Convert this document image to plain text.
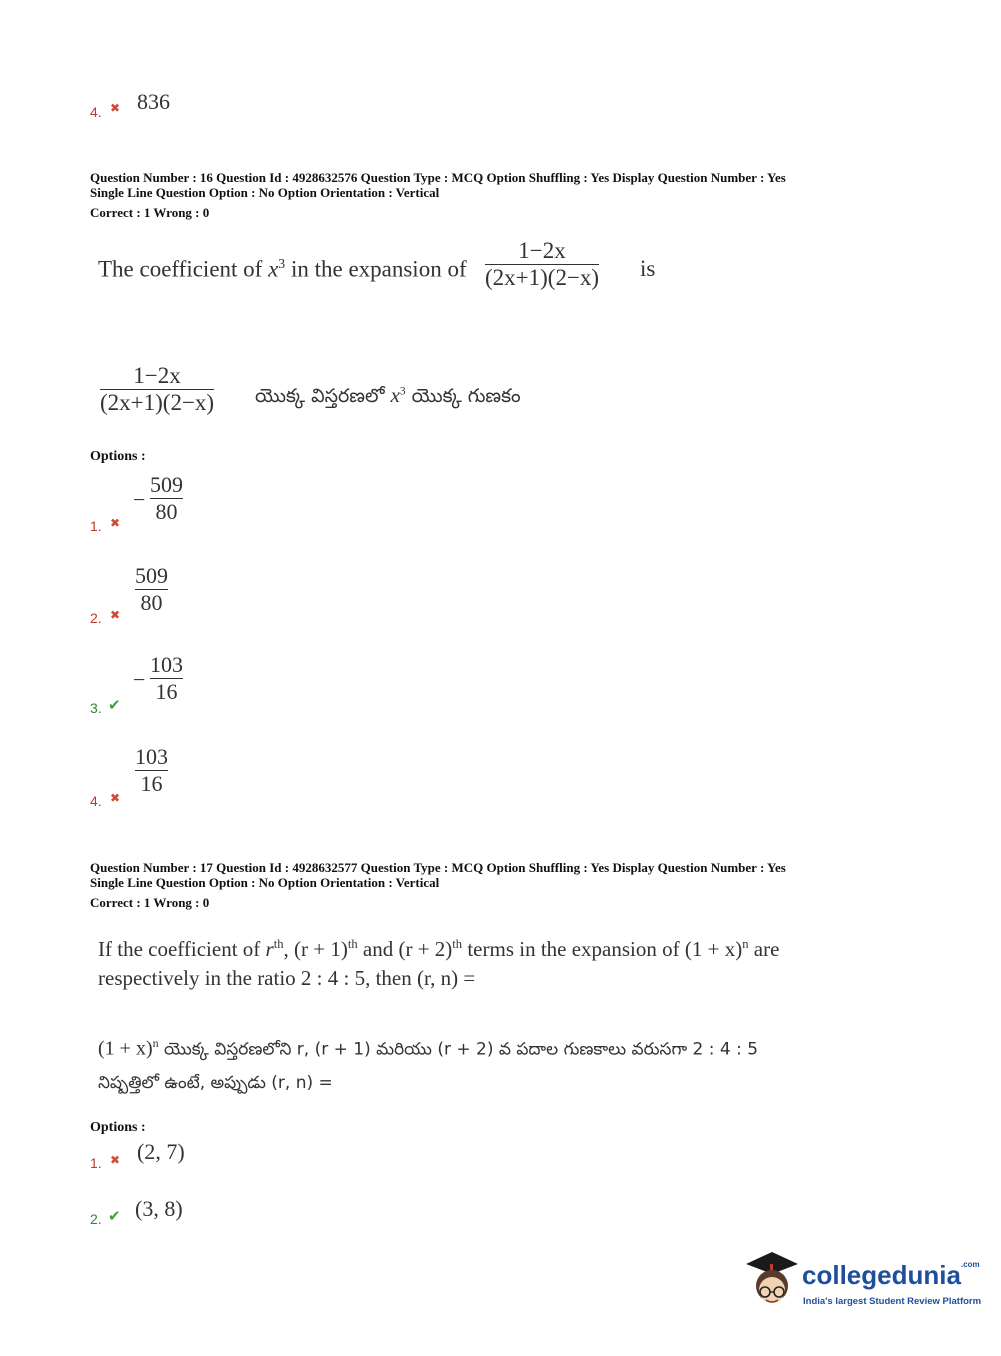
4. ✖ 836
Question Number : 16 Question Id : 4928632576 Question Type : MCQ Option Shuffling : Yes Display Question Number : Yes
Single Line Question Option : No Option Orientation : Vertical
Correct : 1 Wrong : 0
The coefficient of $x^3$ in the expansion of
1−2x
(2x+1)(2−x) is
1−2x
(2x+1)(2−x) యొక్క విస్తరణలో $x^3$ యొక్క గుణకం
Options :
1. ✖
−
509
80
2. ✖
509
80
3. ✔
−
103
16
4. ✖
103
16
Question Number : 17 Question Id : 4928632577 Question Type : MCQ Option Shuffling : Yes Display Question Number : Yes
Single Line Question Option : No Option Orientation : Vertical
Correct : 1 Wrong : 0
If the coefficient of $r^{th}$, $(r + 1)^{th}$ and $(r + 2)^{th}$ terms in the expansion of $(1 + x)^n$ are
respectively in the ratio 2 : 4 : 5, then (r, n) =
$(1 + x)^n$ యొక్క విస్తరణలోని r, (r + 1) మరియు (r + 2) వ పదాల గుణకాలు వరుసగా 2 : 4 : 5
నిష్పత్తిలో ఉంటే, అప్పుడు (r, n) =
Options :
1. ✖ (2, 7)
2. ✔ (3, 8)
collegedunia$^{.com}$
India's largest Student Review Platform
